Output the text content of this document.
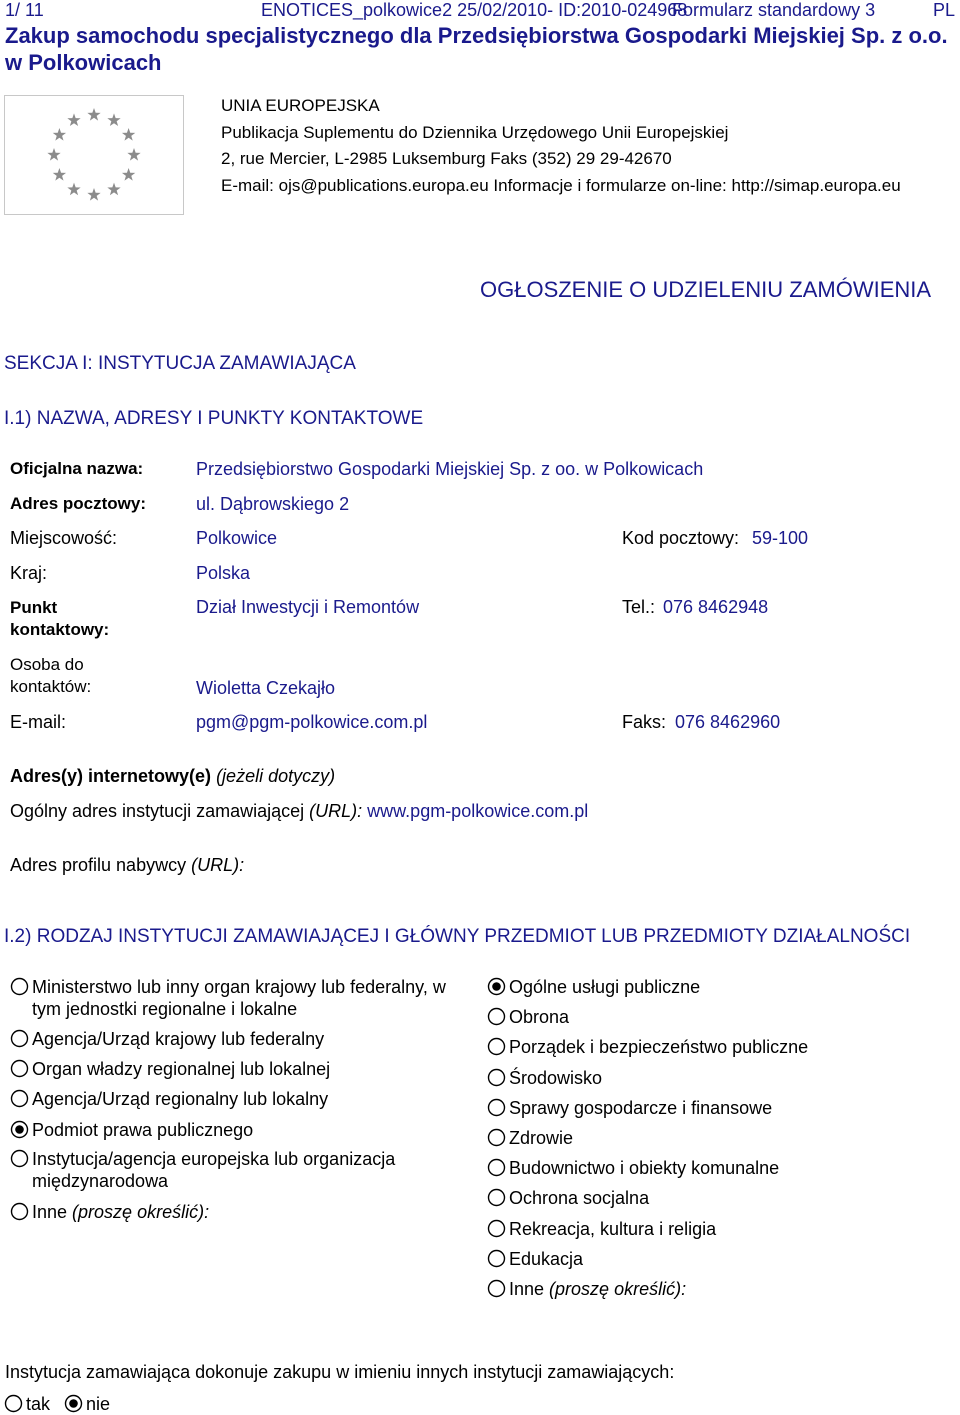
1/ 11	ENOTICES_polkowice2 25/02/2010- ID:2010-024968
Formularz standardowy 3	PL
Zakup samochodu specjalistycznego dla Przedsiębiorstwa Gospodarki Miejskiej Sp. z o.o. w Polkowicach
UNIA EUROPEJSKA
Publikacja Suplementu do Dziennika Urzędowego Unii Europejskiej
2, rue Mercier, L-2985 Luksemburg Faks (352) 29 29-42670
E-mail: ojs@publications.europa.eu Informacje i formularze on-line: http://simap.europa.eu
OGŁOSZENIE O UDZIELENIU ZAMÓWIENIA
SEKCJA I: INSTYTUCJA ZAMAWIAJĄCA
I.1) NAZWA, ADRESY I PUNKTY KONTAKTOWE
Oficjalna nazwa:	Przedsiębiorstwo Gospodarki Miejskiej Sp. z oo. w Polkowicach
Adres pocztowy:	ul. Dąbrowskiego 2
Miejscowość:	Polkowice	Kod pocztowy: 59-100
Kraj:	Polska
Punkt
kontaktowy:
Dział Inwestycji i Remontów	Tel.: 076 8462948
Osoba do
kontaktów:	Wioletta Czekajło
E-mail:	pgm@pgm-polkowice.com.pl	Faks: 076 8462960
Adres(y) internetowy(e) (jeżeli dotyczy)
Ogólny adres instytucji zamawiającej (URL): www.pgm-polkowice.com.pl
Adres profilu nabywcy (URL):
I.2) RODZAJ INSTYTUCJI ZAMAWIAJĄCEJ I GŁÓWNY PRZEDMIOT LUB PRZEDMIOTY DZIAŁALNOŚCI
Ministerstwo lub inny organ krajowy lub federalny, w tym jednostki regionalne i lokalne
Agencja/Urząd krajowy lub federalny
Organ władzy regionalnej lub lokalnej
Agencja/Urząd regionalny lub lokalny
Podmiot prawa publicznego
Instytucja/agencja europejska lub organizacja międzynarodowa
Inne (proszę określić):
Ogólne usługi publiczne
Obrona
Porządek i bezpieczeństwo publiczne
Środowisko
Sprawy gospodarcze i finansowe
Zdrowie
Budownictwo i obiekty komunalne
Ochrona socjalna
Rekreacja, kultura i religia
Edukacja
Inne (proszę określić):
Instytucja zamawiająca dokonuje zakupu w imieniu innych instytucji zamawiających:
tak	nie
